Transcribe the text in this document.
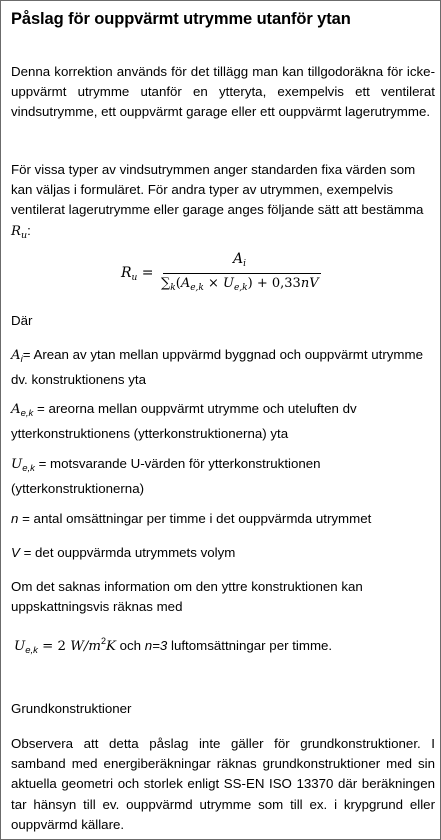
Påslag för ouppvärmt utrymme utanför ytan
Denna korrektion används för det tillägg man kan tillgodoräkna för icke-uppvärmt utrymme utanför en ytterytа, exempelvis ett ventilerat vindsutrymme, ett ouppvärmt garage eller ett ouppvärmt lagerutrymme.
För vissa typer av vindsutrymmen anger standarden fixa värden som kan väljas i formuläret. För andra typer av utrymmen, exempelvis ventilerat lagerutrymme eller garage anges följande sätt att bestämma $R_u$:
$R_u$ =
$A_i$
$\sum_k(A_{e,k} \times U_{e,k}) + 0,33nV$
Där
$A_i=$ Arean av ytan mellan uppvärmd byggnad och ouppvärmt utrymme dv. konstruktionens yta
$A_{e,k}$ = areorna mellan ouppvärmt utrymme och uteluften dv ytterkonstruktionens (ytterkonstruktionerna) yta
$U_{e,k}$ = motsvarande U-värden för ytterkonstruktionen (ytterkonstruktionerna)
n = antal omsättningar per timme i det ouppvärmda utrymmet
V = det ouppvärmda utrymmets volym
Om det saknas information om den yttre konstruktionen kan uppskattningsvis räknas med
$U_{e,k} = 2$ $W/m^2K$ och n=3 luftomsättningar per timme.
Grundkonstruktioner
Observera att detta påslag inte gäller för grundkonstruktioner. I samband med energiberäkningar räknas grundkonstruktioner med sin aktuella geometri och storlek enligt SS-EN ISO 13370 där beräkningen tar hänsyn till ev. ouppvärmd utrymme som till ex. i krypgrund eller ouppvärmd källare.
